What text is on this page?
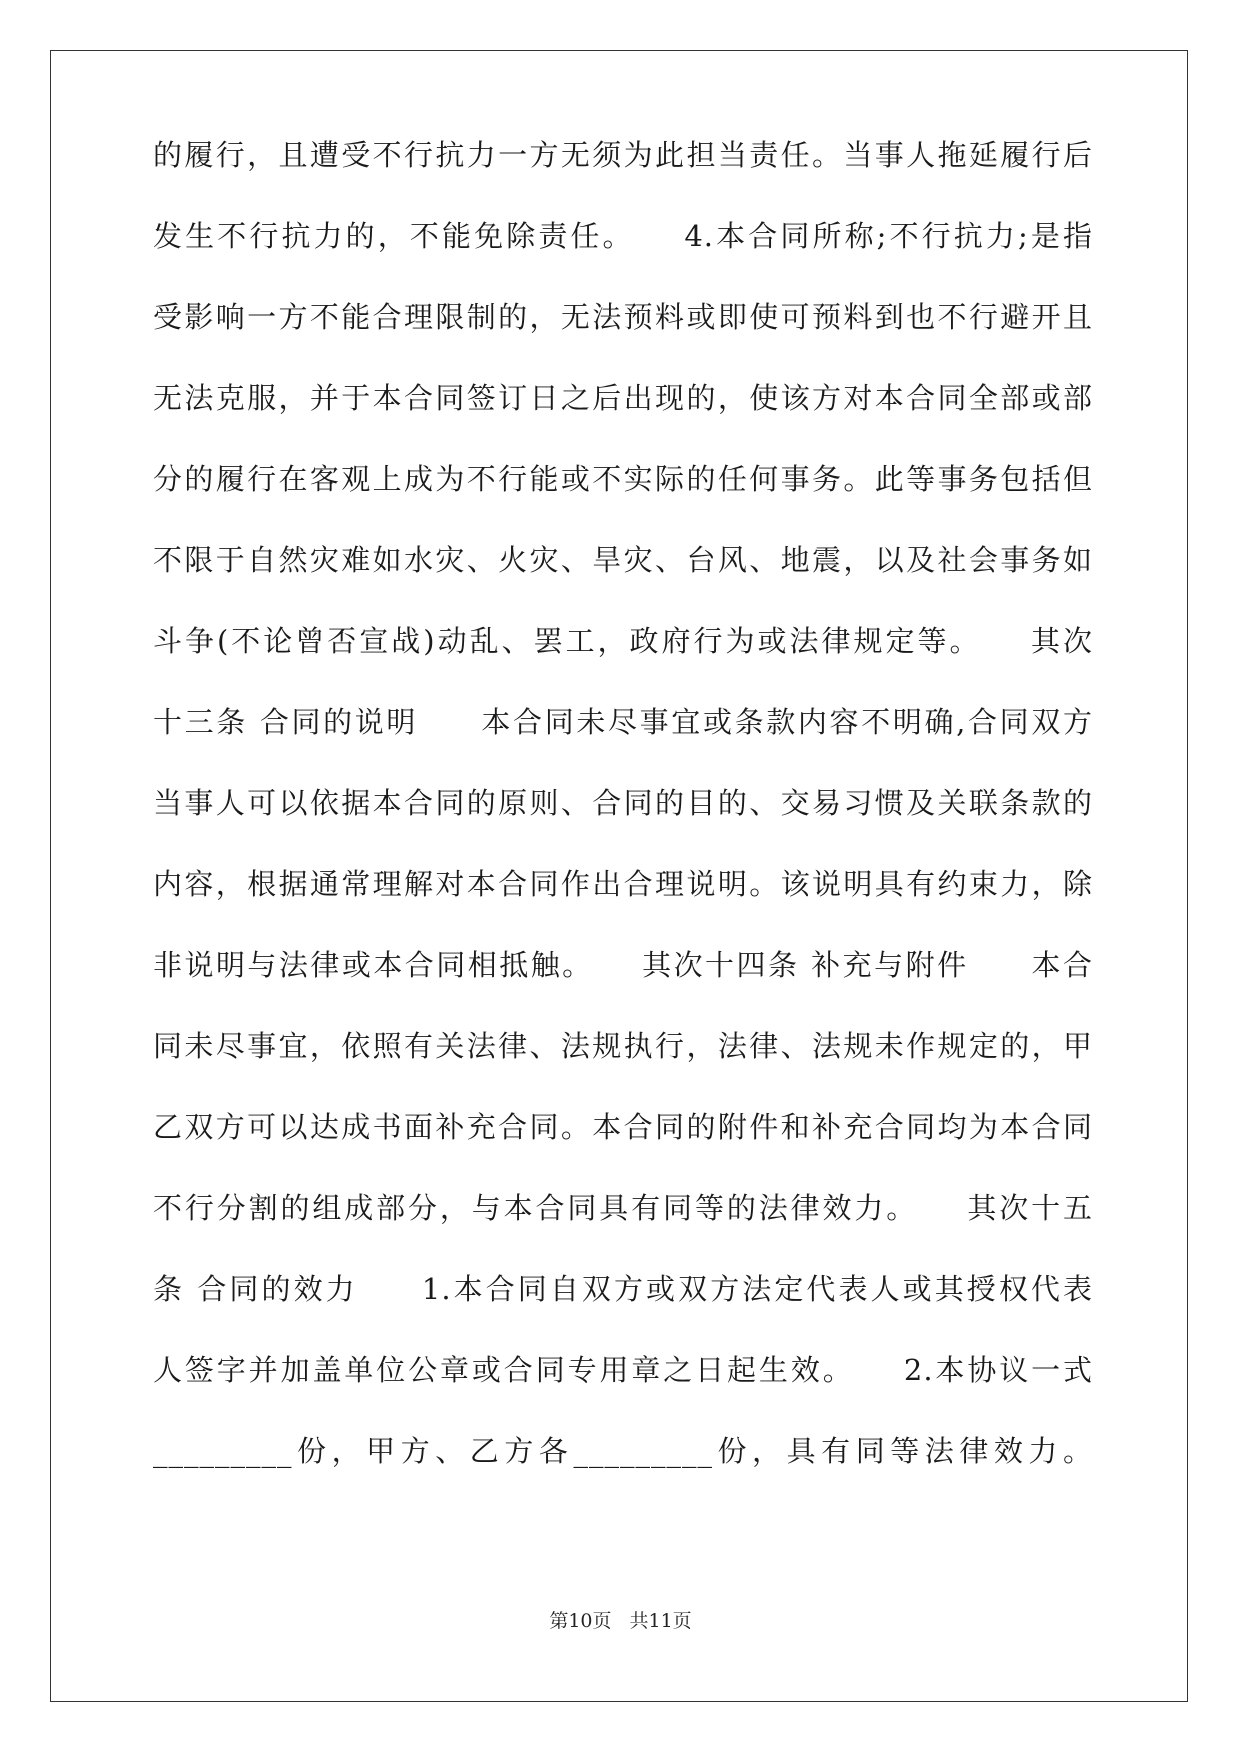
的履行，且遭受不行抗力一方无须为此担当责任。当事人拖延履行后
发生不行抗力的，不能免除责任。　　4.本合同所称;不行抗力;是指
受影响一方不能合理限制的，无法预料或即使可预料到也不行避开且
无法克服，并于本合同签订日之后出现的，使该方对本合同全部或部
分的履行在客观上成为不行能或不实际的任何事务。此等事务包括但
不限于自然灾难如水灾、火灾、旱灾、台风、地震，以及社会事务如
斗争(不论曾否宣战)动乱、罢工，政府行为或法律规定等。　　其次
十三条 合同的说明　　本合同未尽事宜或条款内容不明确,合同双方
当事人可以依据本合同的原则、合同的目的、交易习惯及关联条款的
内容，根据通常理解对本合同作出合理说明。该说明具有约束力，除
非说明与法律或本合同相抵触。　　其次十四条 补充与附件　　本合
同未尽事宜，依照有关法律、法规执行，法律、法规未作规定的，甲
乙双方可以达成书面补充合同。本合同的附件和补充合同均为本合同
不行分割的组成部分，与本合同具有同等的法律效力。　　其次十五
条 合同的效力　　1.本合同自双方或双方法定代表人或其授权代表
人签字并加盖单位公章或合同专用章之日起生效。　　2.本协议一式
_________份，甲方、乙方各_________份，具有同等法律效力。
第10页 共11页
